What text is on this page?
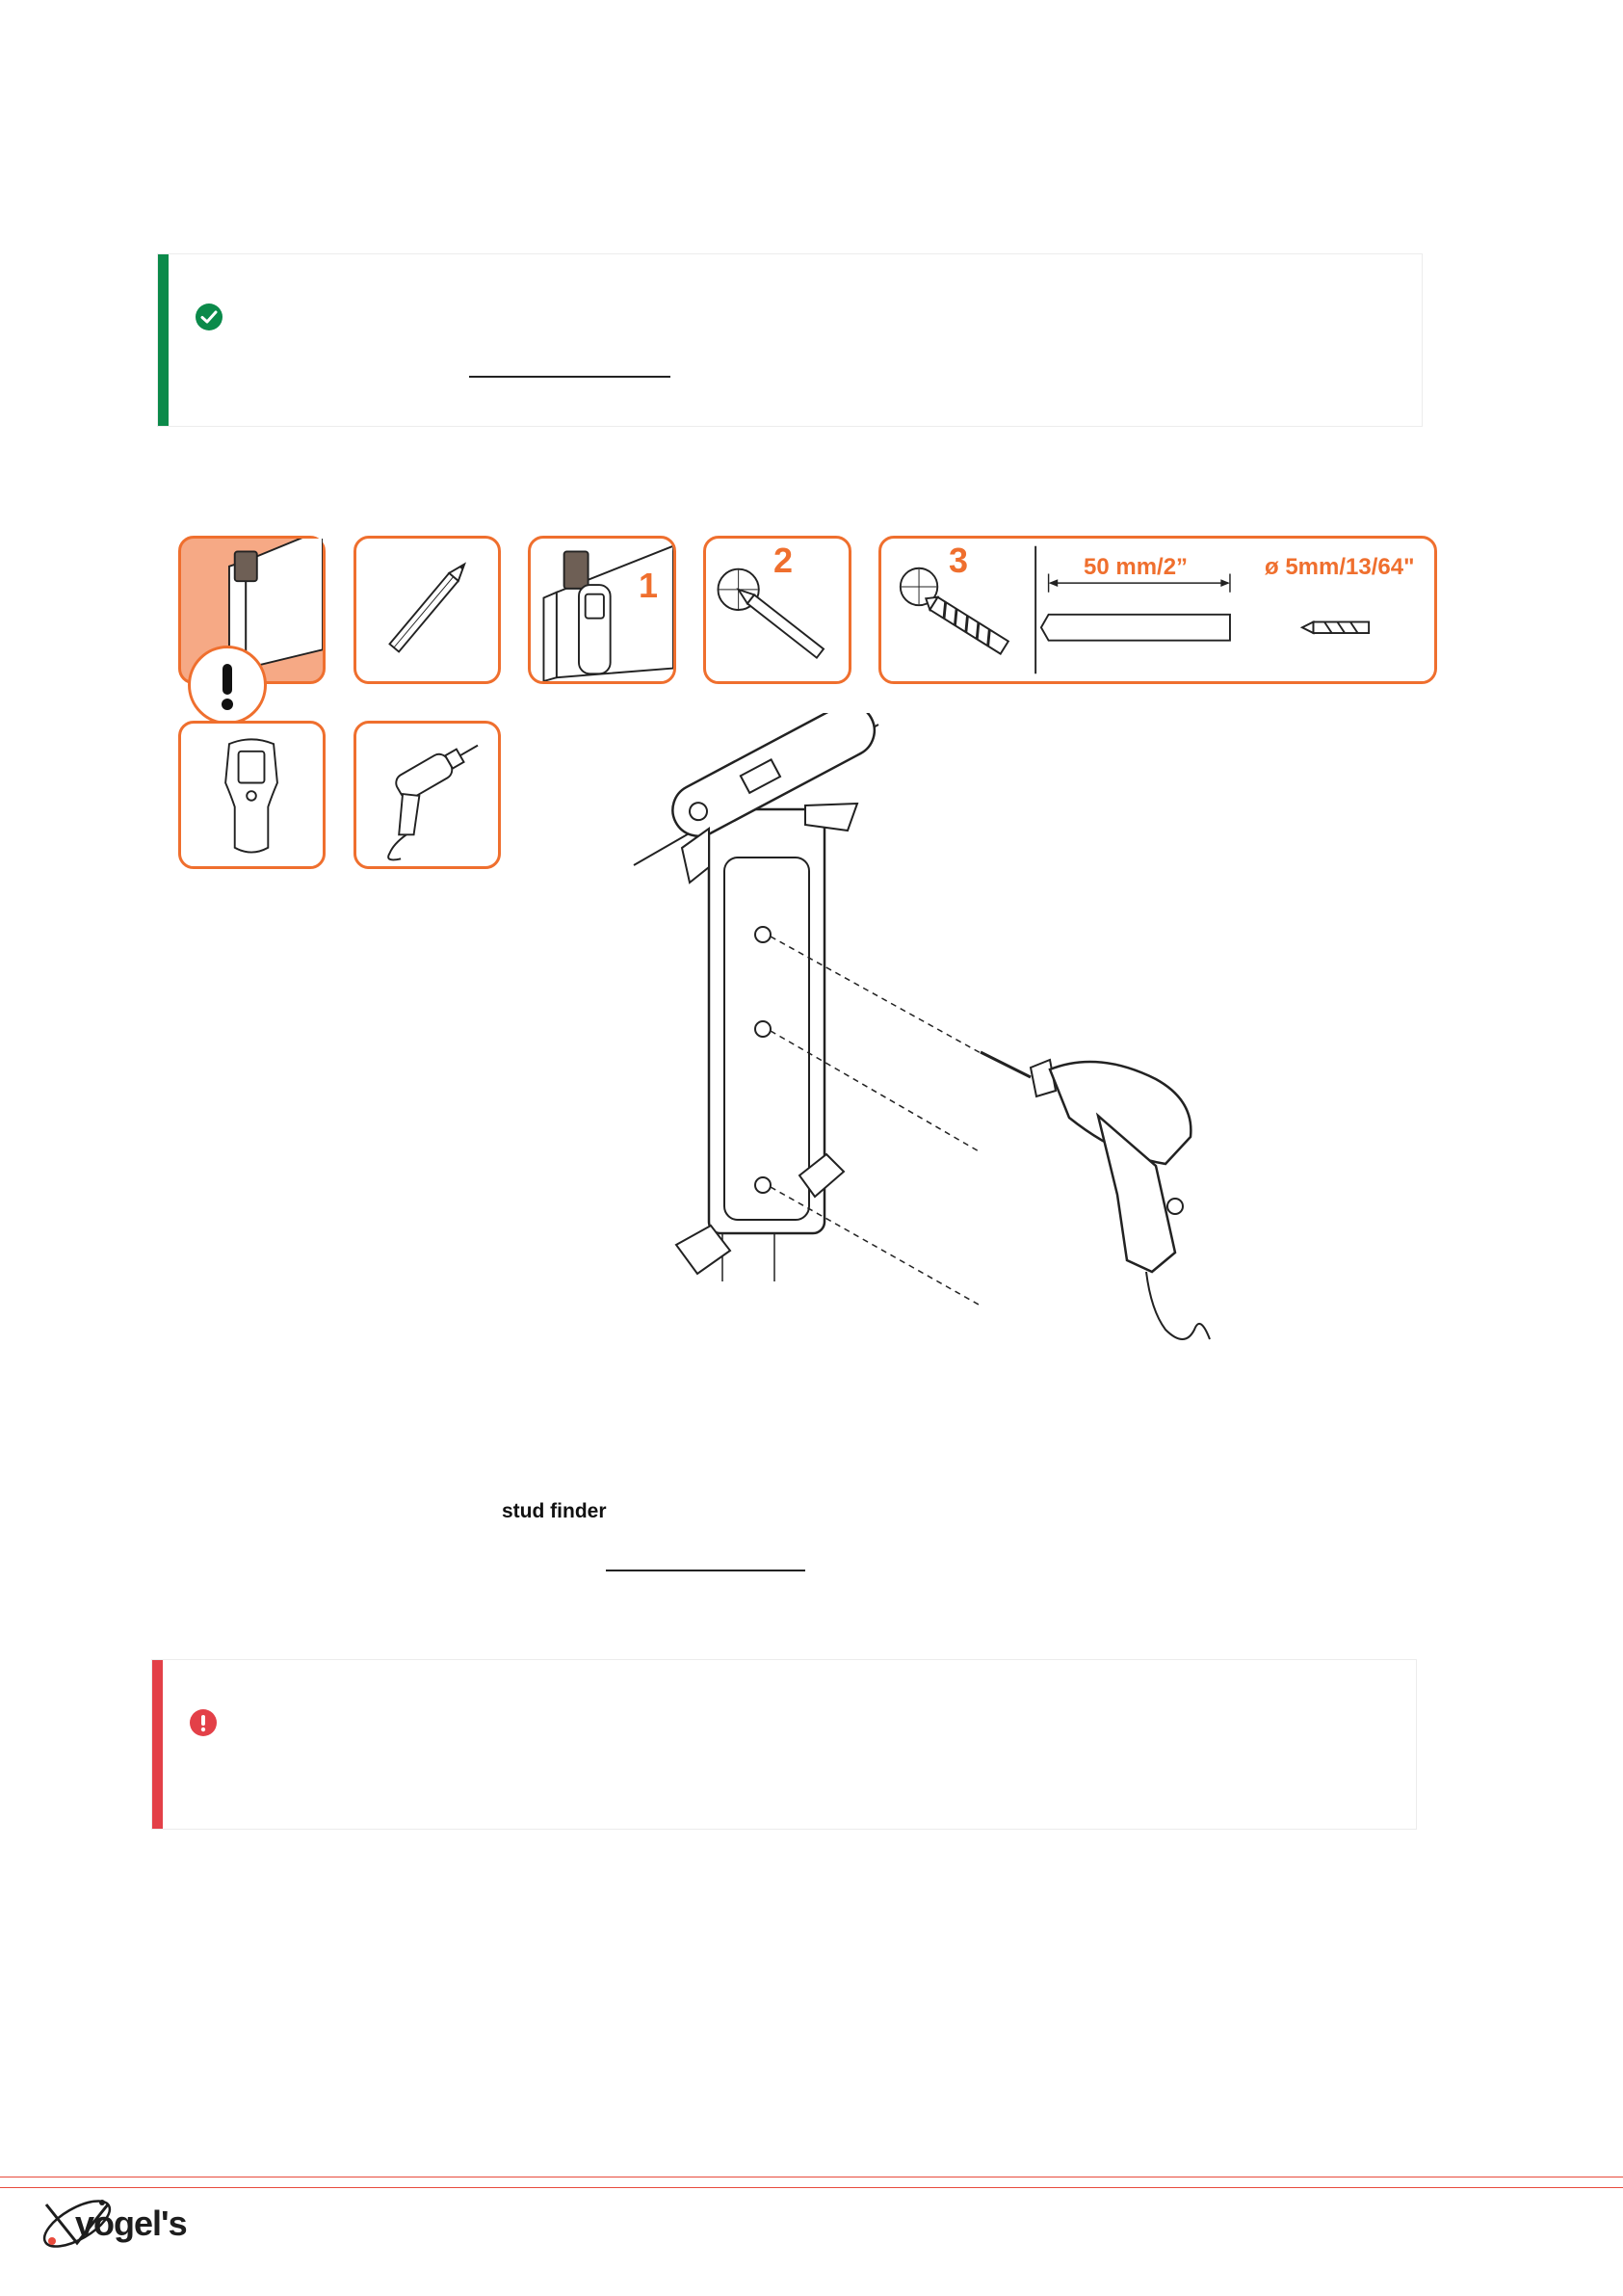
1
2	3	50 mm/2”	ø 5mm/13/64"
stud finder
vogel's
